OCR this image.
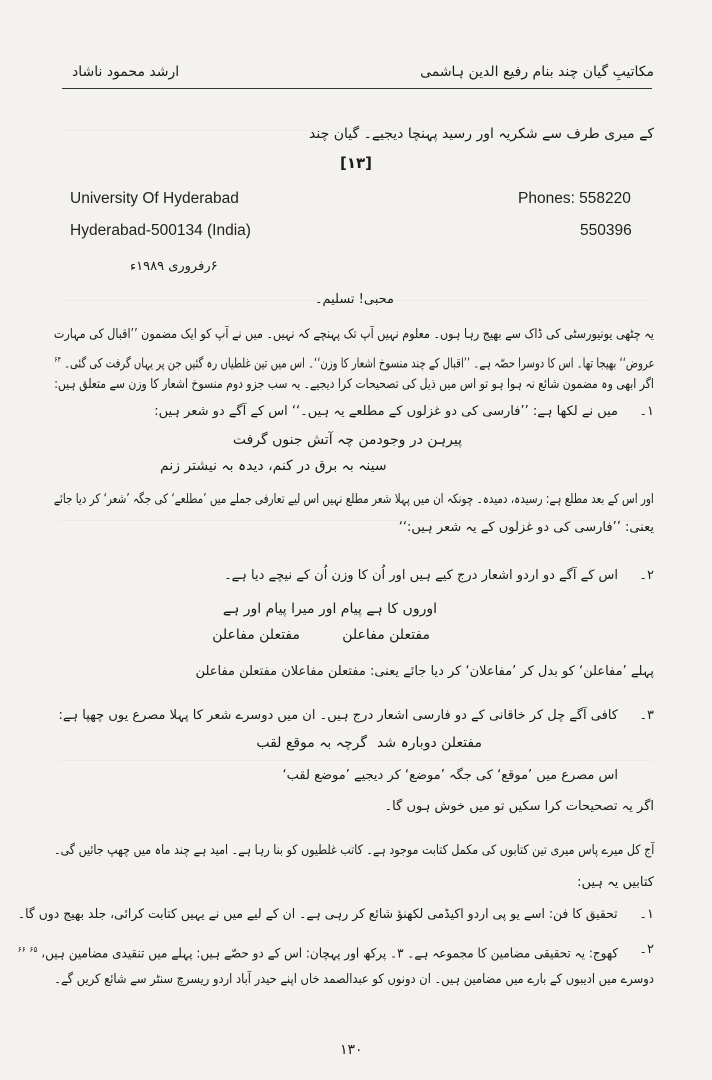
مکاتیبِ گیان چند بنام رفیع الدین ہاشمی
ارشد محمود ناشاد
کے میری طرف سے شکریہ اور رسید پہنچا دیجیے۔ گیان چند
[۱۳]
University Of Hyderabad	Phones: 558220
Hyderabad-500134 (India)	550396
۶رفروری ۱۹۸۹ء
محبی! تسلیم۔
یہ چٹھی یونیورسٹی کی ڈاک سے بھیج رہا ہوں۔ معلوم نہیں آپ تک پہنچے کہ نہیں۔ میں نے آپ کو ایک مضمون ’’اقبال کی مہارت
عروض‘‘ بھیجا تھا۔ اس کا دوسرا حصّہ ہے۔ ’’اقبال کے چند منسوخ اشعار کا وزن‘‘۔ اس میں تین غلطیاں رہ گئیں جن پر یہاں گرفت کی گئی۔ $^{۶۴}$
اگر ابھی وہ مضمون شائع نہ ہوا ہو تو اس میں ذیل کی تصحیحات کرا دیجیے۔ یہ سب جزو دوم منسوخ اشعار کا وزن سے متعلق ہیں:
۱۔
میں نے لکھا ہے: ’’فارسی کی دو غزلوں کے مطلعے یہ ہیں۔‘‘ اس کے آگے دو شعر ہیں:
پیرہن در وجودمن چہ آتش جنوں گرفت
سینہ بہ برق در کنم، دیدہ بہ نیشتر زنم
اور اس کے بعد مطلع ہے: رسیدہ، دمیدہ۔ چونکہ ان میں پہلا شعر مطلع نہیں اس لیے تعارفی جملے میں ’مطلعے‘ کی جگہ ’شعر‘ کر دیا جائے
یعنی: ’’فارسی کی دو غزلوں کے یہ شعر ہیں:‘‘
۲۔
اس کے آگے دو اردو اشعار درج کیے ہیں اور اُن کا وزن اُن کے نیچے دیا ہے۔
اوروں کا ہے پیام اور میرا پیام اور ہے
مفتعلن مفاعلن
مفتعلن مفاعلن
پہلے ’مفاعلن‘ کو بدل کر ’مفاعلان‘ کر دیا جائے یعنی: مفتعلن مفاعلان مفتعلن مفاعلن
۳۔
کافی آگے چل کر خاقانی کے دو فارسی اشعار درج ہیں۔ ان میں دوسرے شعر کا پہلا مصرع یوں چھپا ہے:
گرچہ بہ موقع لقب مفتعلن دوبارہ شد
اس مصرع میں ’موقع‘ کی جگہ ’موضع‘ کر دیجیے ’موضع لقب‘
اگر یہ تصحیحات کرا سکیں تو میں خوش ہوں گا۔
آج کل میرے پاس میری تین کتابوں کی مکمل کتابت موجود ہے۔ کاتب غلطیوں کو بنا رہا ہے۔ امید ہے چند ماہ میں چھپ جائیں گی۔
کتابیں یہ ہیں:
۱۔
تحقیق کا فن: اسے یو پی اردو اکیڈمی لکھنؤ شائع کر رہی ہے۔ ان کے لیے میں نے یہیں کتابت کرائی، جلد بھیج دوں گا۔
۲۔
کھوج: یہ تحقیقی مضامین کا مجموعہ ہے۔ ۳۔ پرکھ اور پہچان: اس کے دو حصّے ہیں: پہلے میں تنقیدی مضامین ہیں، $^{۶۵}$ $^{۶۶}$
دوسرے میں ادیبوں کے بارے میں مضامین ہیں۔ ان دونوں کو عبدالصمد خاں اپنے حیدر آباد اردو ریسرچ سنٹر سے شائع کریں گے۔
۱۳۰
